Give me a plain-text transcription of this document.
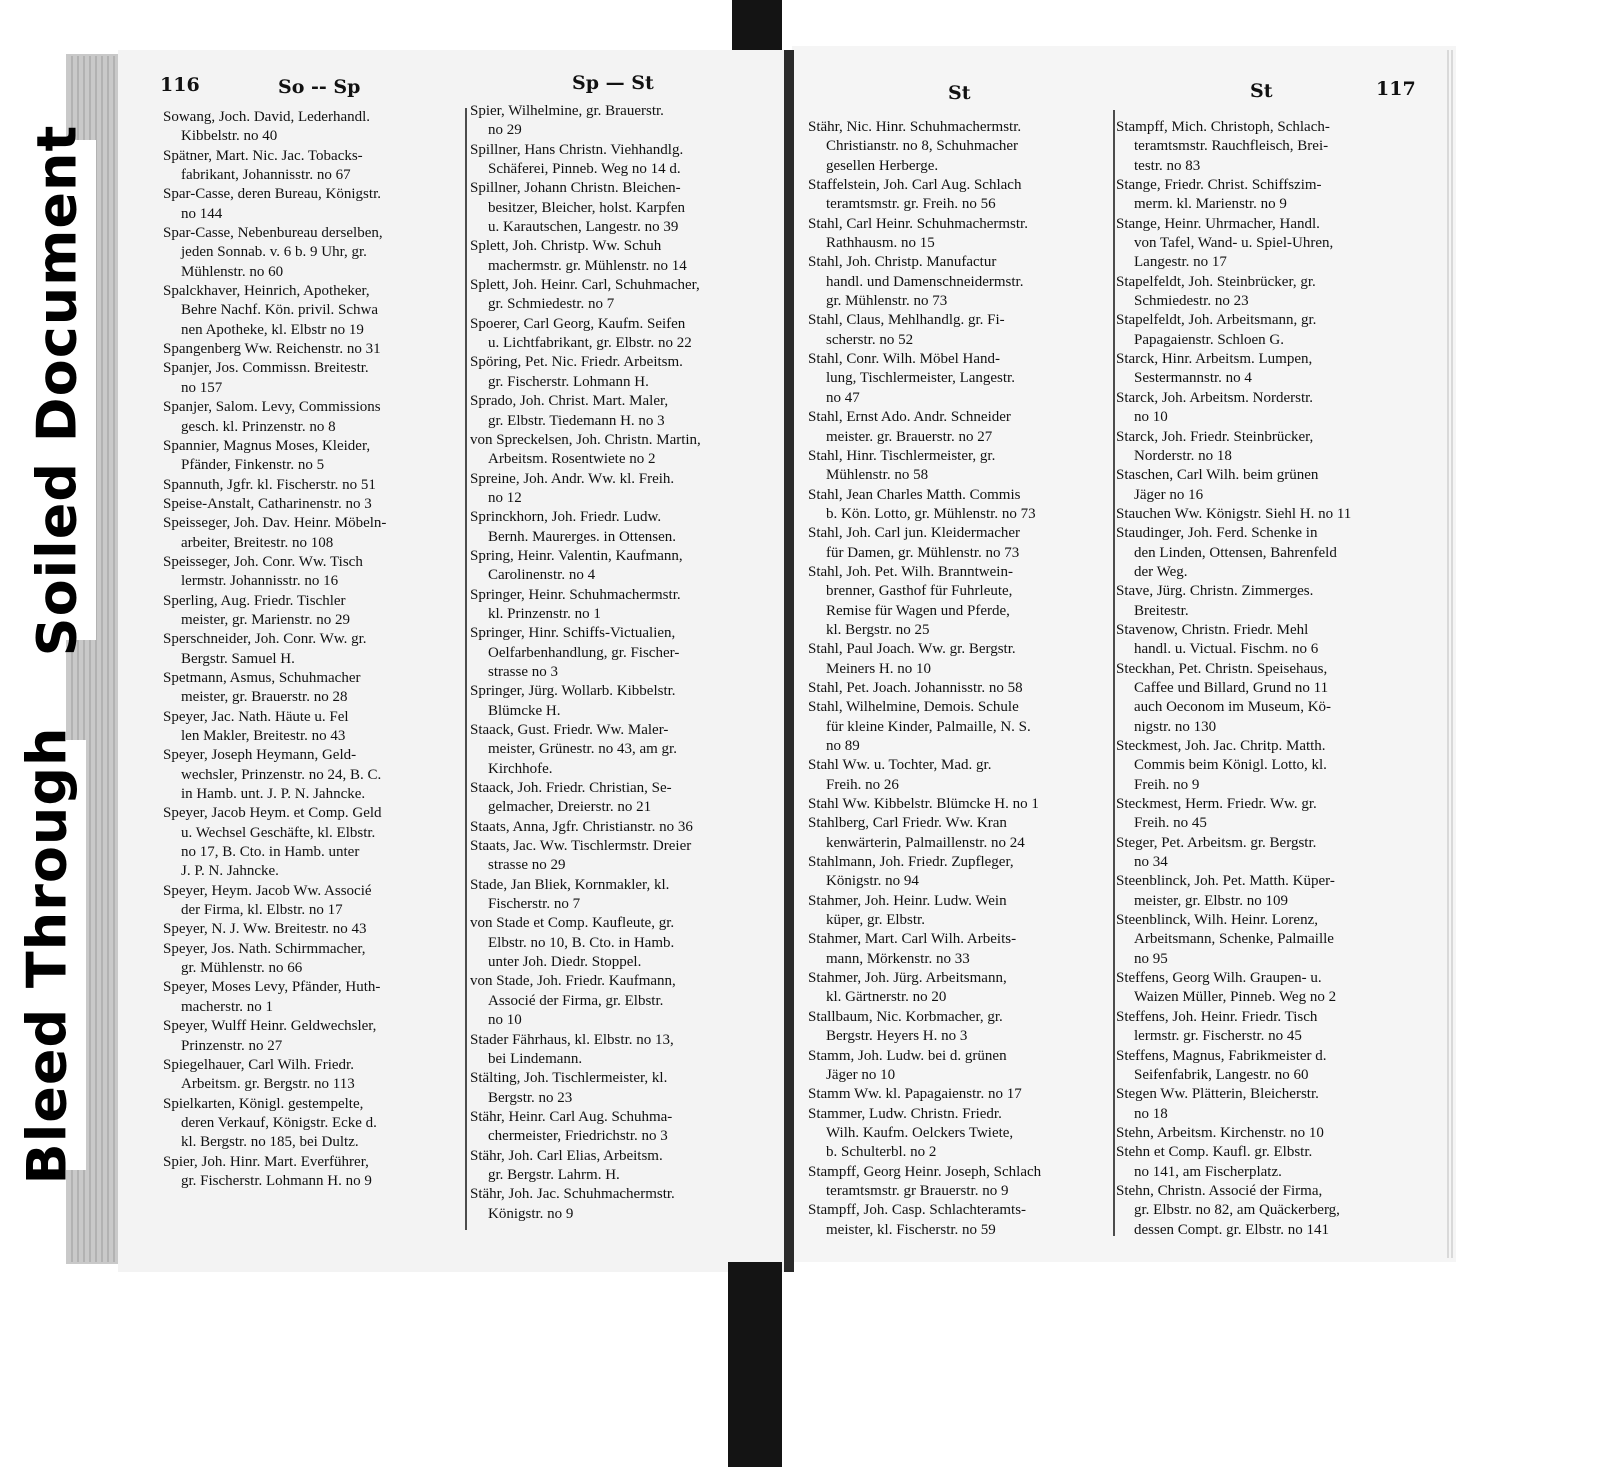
Soiled Document
Bleed Through
116	So -- Sp	Sp — St	St	St	117
Sowang, Joch. David, Lederhandl.
Kibbelstr. no 40
Spätner, Mart. Nic. Jac. Tobacks-
fabrikant, Johannisstr. no 67
Spar-Casse, deren Bureau, Königstr.
no 144
Spar-Casse, Nebenbureau derselben,
jeden Sonnab. v. 6 b. 9 Uhr, gr.
Mühlenstr. no 60
Spalckhaver, Heinrich, Apotheker,
Behre Nachf. Kön. privil. Schwa
nen Apotheke, kl. Elbstr no 19
Spangenberg Ww. Reichenstr. no 31
Spanjer, Jos. Commissn. Breitestr.
no 157
Spanjer, Salom. Levy, Commissions
gesch. kl. Prinzenstr. no 8
Spannier, Magnus Moses, Kleider,
Pfänder, Finkenstr. no 5
Spannuth, Jgfr. kl. Fischerstr. no 51
Speise-Anstalt, Catharinenstr. no 3
Speisseger, Joh. Dav. Heinr. Möbeln-
arbeiter, Breitestr. no 108
Speisseger, Joh. Conr. Ww. Tisch
lermstr. Johannisstr. no 16
Sperling, Aug. Friedr. Tischler
meister, gr. Marienstr. no 29
Sperschneider, Joh. Conr. Ww. gr.
Bergstr. Samuel H.
Spetmann, Asmus, Schuhmacher
meister, gr. Brauerstr. no 28
Speyer, Jac. Nath. Häute u. Fel
len Makler, Breitestr. no 43
Speyer, Joseph Heymann, Geld-
wechsler, Prinzenstr. no 24, B. C.
in Hamb. unt. J. P. N. Jahncke.
Speyer, Jacob Heym. et Comp. Geld
u. Wechsel Geschäfte, kl. Elbstr.
no 17, B. Cto. in Hamb. unter
J. P. N. Jahncke.
Speyer, Heym. Jacob Ww. Associé
der Firma, kl. Elbstr. no 17
Speyer, N. J. Ww. Breitestr. no 43
Speyer, Jos. Nath. Schirmmacher,
gr. Mühlenstr. no 66
Speyer, Moses Levy, Pfänder, Huth-
macherstr. no 1
Speyer, Wulff Heinr. Geldwechsler,
Prinzenstr. no 27
Spiegelhauer, Carl Wilh. Friedr.
Arbeitsm. gr. Bergstr. no 113
Spielkarten, Königl. gestempelte,
deren Verkauf, Königstr. Ecke d.
kl. Bergstr. no 185, bei Dultz.
Spier, Joh. Hinr. Mart. Everführer,
gr. Fischerstr. Lohmann H. no 9
Spier, Wilhelmine, gr. Brauerstr.
no 29
Spillner, Hans Christn. Viehhandlg.
Schäferei, Pinneb. Weg no 14 d.
Spillner, Johann Christn. Bleichen-
besitzer, Bleicher, holst. Karpfen
u. Karautschen, Langestr. no 39
Splett, Joh. Christp. Ww. Schuh
machermstr. gr. Mühlenstr. no 14
Splett, Joh. Heinr. Carl, Schuhmacher,
gr. Schmiedestr. no 7
Spoerer, Carl Georg, Kaufm. Seifen
u. Lichtfabrikant, gr. Elbstr. no 22
Spöring, Pet. Nic. Friedr. Arbeitsm.
gr. Fischerstr. Lohmann H.
Sprado, Joh. Christ. Mart. Maler,
gr. Elbstr. Tiedemann H. no 3
von Spreckelsen, Joh. Christn. Martin,
Arbeitsm. Rosentwiete no 2
Spreine, Joh. Andr. Ww. kl. Freih.
no 12
Sprinckhorn, Joh. Friedr. Ludw.
Bernh. Maurerges. in Ottensen.
Spring, Heinr. Valentin, Kaufmann,
Carolinenstr. no 4
Springer, Heinr. Schuhmachermstr.
kl. Prinzenstr. no 1
Springer, Hinr. Schiffs-Victualien,
Oelfarbenhandlung, gr. Fischer-
strasse no 3
Springer, Jürg. Wollarb. Kibbelstr.
Blümcke H.
Staack, Gust. Friedr. Ww. Maler-
meister, Grünestr. no 43, am gr.
Kirchhofe.
Staack, Joh. Friedr. Christian, Se-
gelmacher, Dreierstr. no 21
Staats, Anna, Jgfr. Christianstr. no 36
Staats, Jac. Ww. Tischlermstr. Dreier
strasse no 29
Stade, Jan Bliek, Kornmakler, kl.
Fischerstr. no 7
von Stade et Comp. Kaufleute, gr.
Elbstr. no 10, B. Cto. in Hamb.
unter Joh. Diedr. Stoppel.
von Stade, Joh. Friedr. Kaufmann,
Associé der Firma, gr. Elbstr.
no 10
Stader Fährhaus, kl. Elbstr. no 13,
bei Lindemann.
Stälting, Joh. Tischlermeister, kl.
Bergstr. no 23
Stähr, Heinr. Carl Aug. Schuhma-
chermeister, Friedrichstr. no 3
Stähr, Joh. Carl Elias, Arbeitsm.
gr. Bergstr. Lahrm. H.
Stähr, Joh. Jac. Schuhmachermstr.
Königstr. no 9
Stähr, Nic. Hinr. Schuhmachermstr.
Christianstr. no 8, Schuhmacher
gesellen Herberge.
Staffelstein, Joh. Carl Aug. Schlach
teramtsmstr. gr. Freih. no 56
Stahl, Carl Heinr. Schuhmachermstr.
Rathhausm. no 15
Stahl, Joh. Christp. Manufactur
handl. und Damenschneidermstr.
gr. Mühlenstr. no 73
Stahl, Claus, Mehlhandlg. gr. Fi-
scherstr. no 52
Stahl, Conr. Wilh. Möbel Hand-
lung, Tischlermeister, Langestr.
no 47
Stahl, Ernst Ado. Andr. Schneider
meister. gr. Brauerstr. no 27
Stahl, Hinr. Tischlermeister, gr.
Mühlenstr. no 58
Stahl, Jean Charles Matth. Commis
b. Kön. Lotto, gr. Mühlenstr. no 73
Stahl, Joh. Carl jun. Kleidermacher
für Damen, gr. Mühlenstr. no 73
Stahl, Joh. Pet. Wilh. Branntwein-
brenner, Gasthof für Fuhrleute,
Remise für Wagen und Pferde,
kl. Bergstr. no 25
Stahl, Paul Joach. Ww. gr. Bergstr.
Meiners H. no 10
Stahl, Pet. Joach. Johannisstr. no 58
Stahl, Wilhelmine, Demois. Schule
für kleine Kinder, Palmaille, N. S.
no 89
Stahl Ww. u. Tochter, Mad. gr.
Freih. no 26
Stahl Ww. Kibbelstr. Blümcke H. no 1
Stahlberg, Carl Friedr. Ww. Kran
kenwärterin, Palmaillenstr. no 24
Stahlmann, Joh. Friedr. Zupfleger,
Königstr. no 94
Stahmer, Joh. Heinr. Ludw. Wein
küper, gr. Elbstr.
Stahmer, Mart. Carl Wilh. Arbeits-
mann, Mörkenstr. no 33
Stahmer, Joh. Jürg. Arbeitsmann,
kl. Gärtnerstr. no 20
Stallbaum, Nic. Korbmacher, gr.
Bergstr. Heyers H. no 3
Stamm, Joh. Ludw. bei d. grünen
Jäger no 10
Stamm Ww. kl. Papagaienstr. no 17
Stammer, Ludw. Christn. Friedr.
Wilh. Kaufm. Oelckers Twiete,
b. Schulterbl. no 2
Stampff, Georg Heinr. Joseph, Schlach
teramtsmstr. gr Brauerstr. no 9
Stampff, Joh. Casp. Schlachteramts-
meister, kl. Fischerstr. no 59
Stampff, Mich. Christoph, Schlach-
teramtsmstr. Rauchfleisch, Brei-
testr. no 83
Stange, Friedr. Christ. Schiffszim-
merm. kl. Marienstr. no 9
Stange, Heinr. Uhrmacher, Handl.
von Tafel, Wand- u. Spiel-Uhren,
Langestr. no 17
Stapelfeldt, Joh. Steinbrücker, gr.
Schmiedestr. no 23
Stapelfeldt, Joh. Arbeitsmann, gr.
Papagaienstr. Schloen G.
Starck, Hinr. Arbeitsm. Lumpen,
Sestermannstr. no 4
Starck, Joh. Arbeitsm. Norderstr.
no 10
Starck, Joh. Friedr. Steinbrücker,
Norderstr. no 18
Staschen, Carl Wilh. beim grünen
Jäger no 16
Stauchen Ww. Königstr. Siehl H. no 11
Staudinger, Joh. Ferd. Schenke in
den Linden, Ottensen, Bahrenfeld
der Weg.
Stave, Jürg. Christn. Zimmerges.
Breitestr.
Stavenow, Christn. Friedr. Mehl
handl. u. Victual. Fischm. no 6
Steckhan, Pet. Christn. Speisehaus,
Caffee und Billard, Grund no 11
auch Oeconom im Museum, Kö-
nigstr. no 130
Steckmest, Joh. Jac. Chritp. Matth.
Commis beim Königl. Lotto, kl.
Freih. no 9
Steckmest, Herm. Friedr. Ww. gr.
Freih. no 45
Steger, Pet. Arbeitsm. gr. Bergstr.
no 34
Steenblinck, Joh. Pet. Matth. Küper-
meister, gr. Elbstr. no 109
Steenblinck, Wilh. Heinr. Lorenz,
Arbeitsmann, Schenke, Palmaille
no 95
Steffens, Georg Wilh. Graupen- u.
Waizen Müller, Pinneb. Weg no 2
Steffens, Joh. Heinr. Friedr. Tisch
lermstr. gr. Fischerstr. no 45
Steffens, Magnus, Fabrikmeister d.
Seifenfabrik, Langestr. no 60
Stegen Ww. Plätterin, Bleicherstr.
no 18
Stehn, Arbeitsm. Kirchenstr. no 10
Stehn et Comp. Kaufl. gr. Elbstr.
no 141, am Fischerplatz.
Stehn, Christn. Associé der Firma,
gr. Elbstr. no 82, am Quäckerberg,
dessen Compt. gr. Elbstr. no 141
